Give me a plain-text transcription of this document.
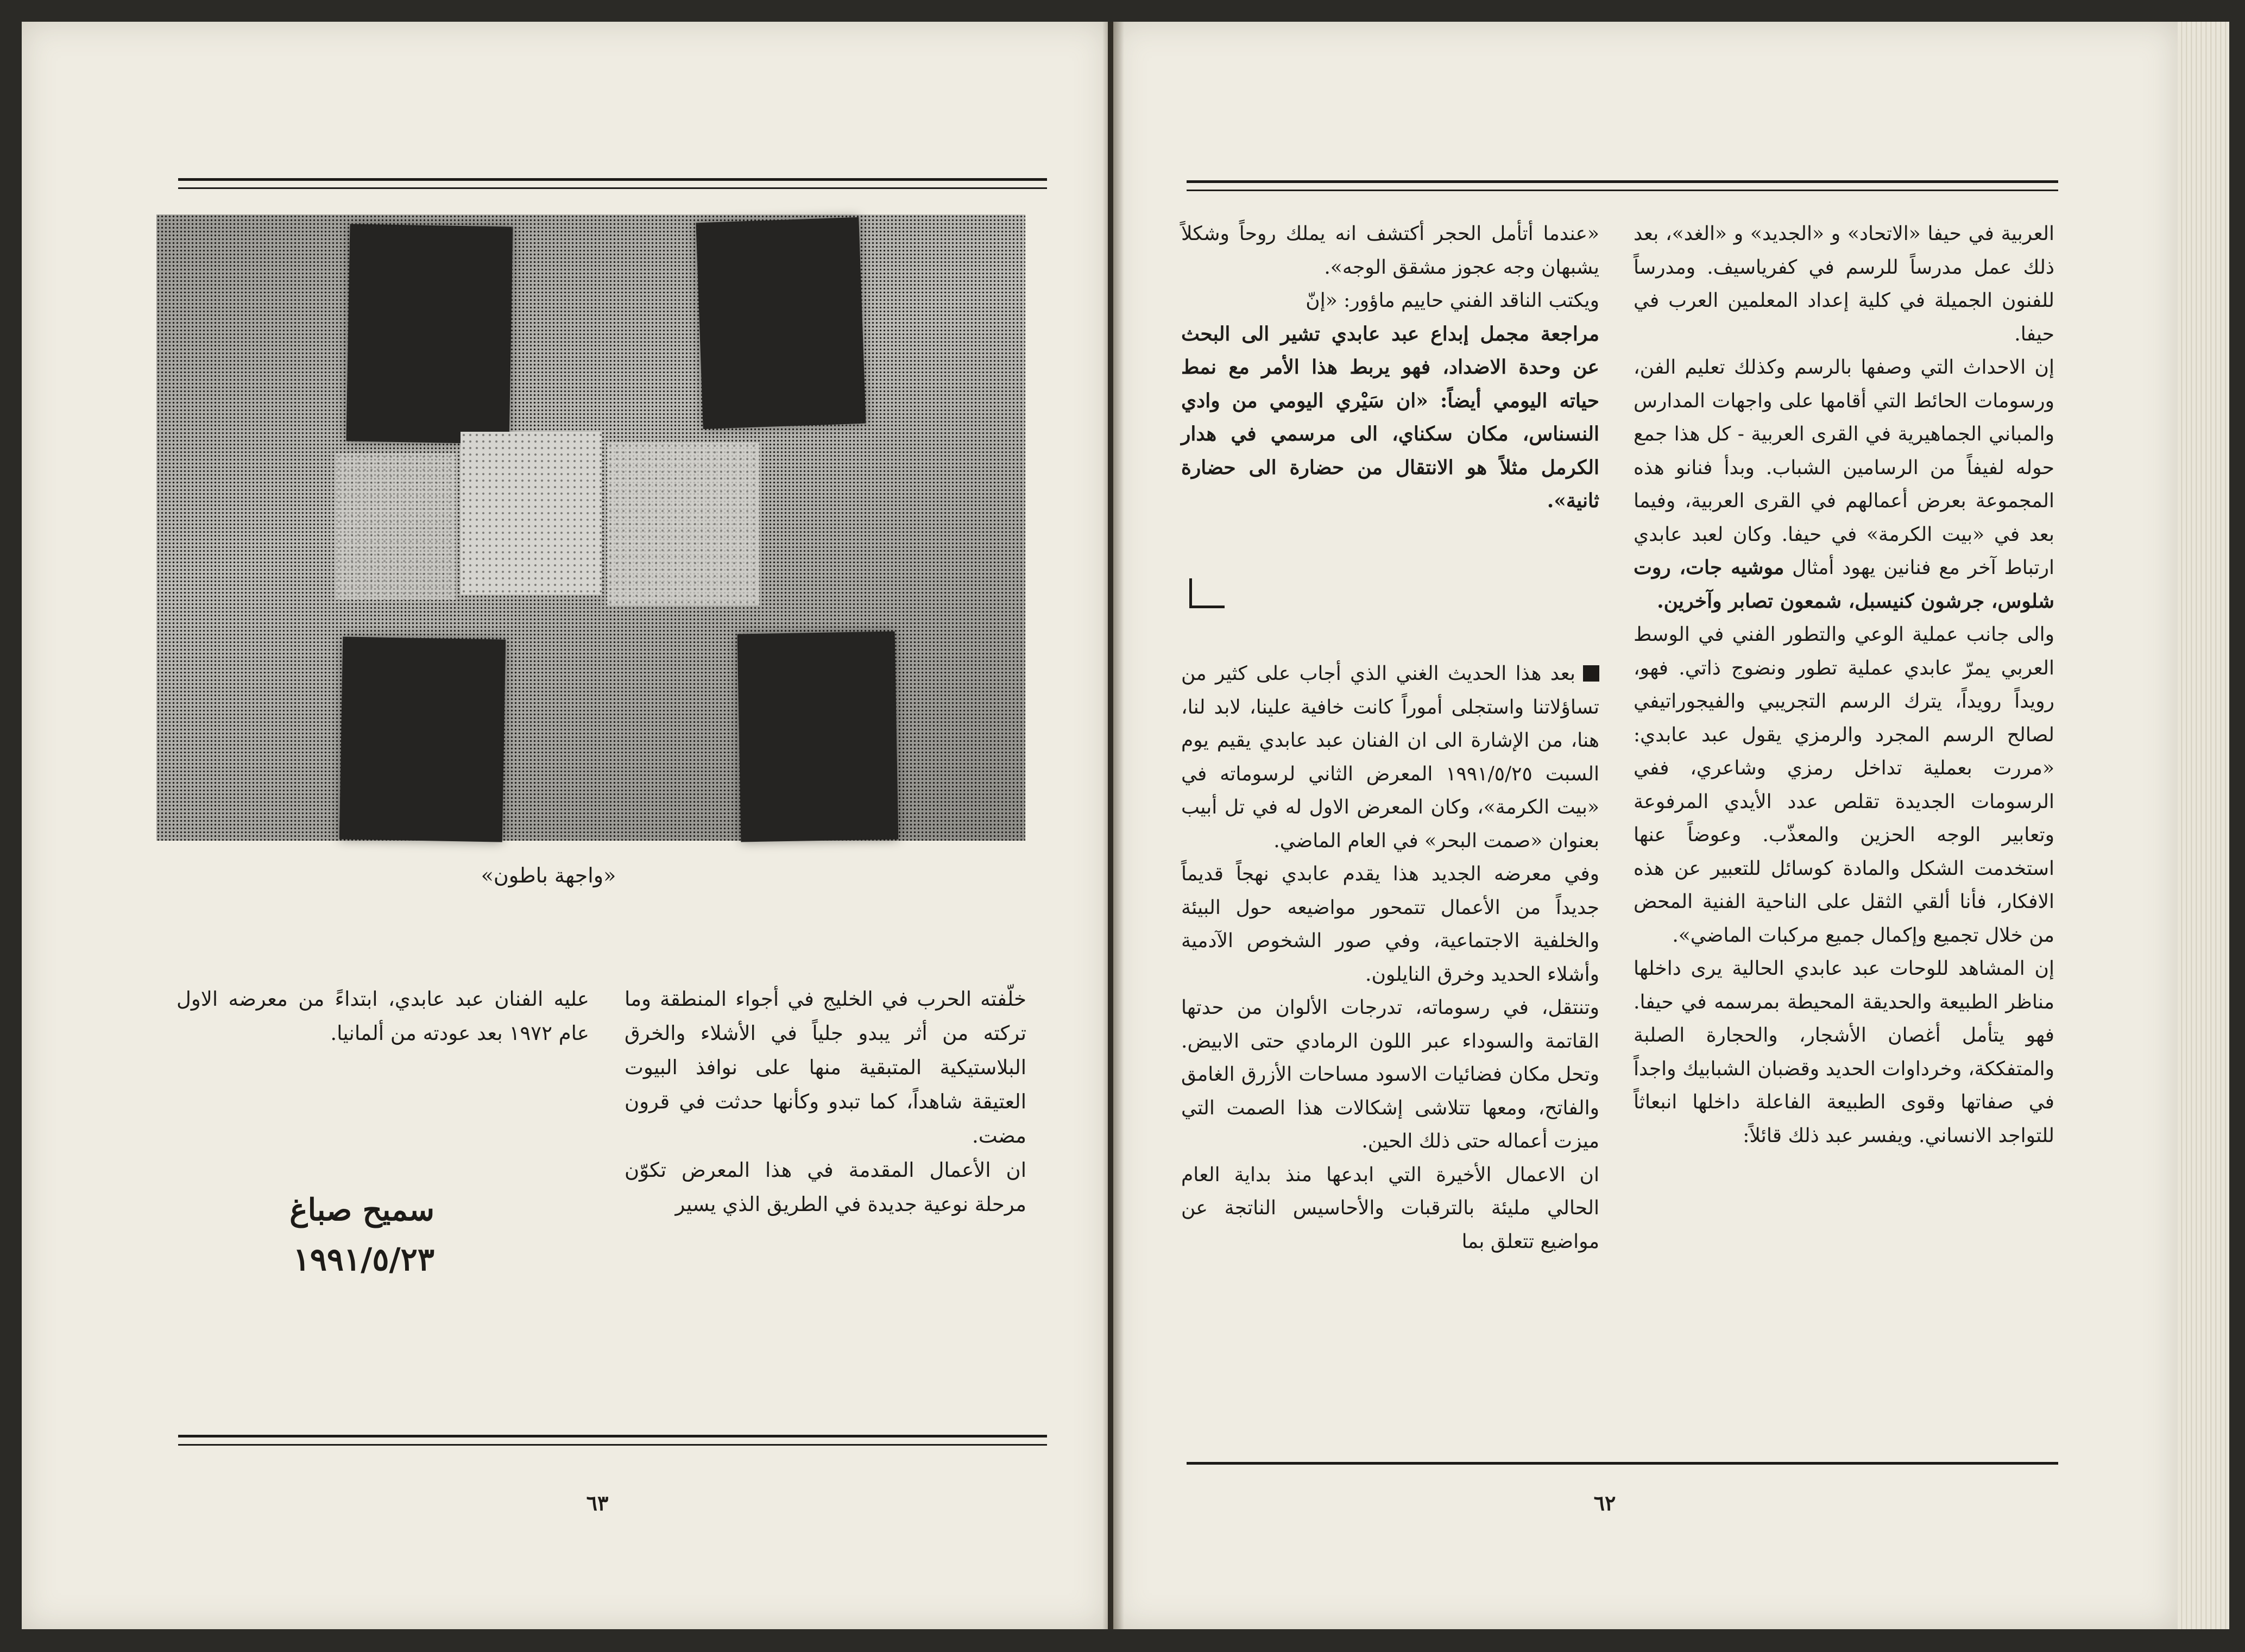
«واجهة باطون»

خلّفته الحرب في الخليج في أجواء المنطقة وما تركته من أثر يبدو جلياً في الأشلاء والخرق البلاستيكية المتبقية منها على نوافذ البيوت العتيقة شاهداً، كما تبدو وكأنها حدثت في قرون مضت.

ان الأعمال المقدمة في هذا المعرض تكوّن مرحلة نوعية جديدة في الطريق الذي يسير

عليه الفنان عبد عابدي، ابتداءً من معرضه الاول عام ١٩٧٢ بعد عودته من ألمانيا.

سميح صباغ
١٩٩١/٥/٢٣
٦٣

العربية في حيفا «الاتحاد» و «الجديد» و «الغد»، بعد ذلك عمل مدرساً للرسم في كفرياسيف. ومدرساً للفنون الجميلة في كلية إعداد المعلمين العرب في حيفا.

إن الاحداث التي وصفها بالرسم وكذلك تعليم الفن، ورسومات الحائط التي أقامها على واجهات المدارس والمباني الجماهيرية في القرى العربية - كل هذا جمع حوله لفيفاً من الرسامين الشباب. وبدأ فنانو هذه المجموعة بعرض أعمالهم في القرى العربية، وفيما بعد في «بيت الكرمة» في حيفا. وكان لعبد عابدي ارتباط آخر مع فنانين يهود أمثال موشيه جات، روت شلوس، جرشون كنيسبل، شمعون تصابر وآخرين.

والى جانب عملية الوعي والتطور الفني في الوسط العربي يمرّ عابدي عملية تطور ونضوج ذاتي. فهو، رويداً رويداً، يترك الرسم التجريبي والفيجوراتيفي لصالح الرسم المجرد والرمزي يقول عبد عابدي: «مررت بعملية تداخل رمزي وشاعري، ففي الرسومات الجديدة تقلص عدد الأيدي المرفوعة وتعابير الوجه الحزين والمعذّب. وعوضاً عنها استخدمت الشكل والمادة كوسائل للتعبير عن هذه الافكار، فأنا ألقي الثقل على الناحية الفنية المحض من خلال تجميع وإكمال جميع مركبات الماضي».

إن المشاهد للوحات عبد عابدي الحالية يرى داخلها مناظر الطبيعة والحديقة المحيطة بمرسمه في حيفا. فهو يتأمل أغصان الأشجار، والحجارة الصلبة والمتفككة، وخرداوات الحديد وقضبان الشبابيك واجداً في صفاتها وقوى الطبيعة الفاعلة داخلها انبعاثاً للتواجد الانساني. ويفسر عبد ذلك قائلاً:

«عندما أتأمل الحجر أكتشف انه يملك روحاً وشكلاً يشبهان وجه عجوز مشقق الوجه».

ويكتب الناقد الفني حاييم ماؤور: «إنّ

مراجعة مجمل إبداع عبد عابدي تشير الى البحث عن وحدة الاضداد، فهو يربط هذا الأمر مع نمط حياته اليومي أيضاً: «ان سَيْري اليومي من وادي النسناس، مكان سكناي، الى مرسمي في هدار الكرمل مثلاً هو الانتقال من حضارة الى حضارة ثانية».

بعد هذا الحديث الغني الذي أجاب على كثير من تساؤلاتنا واستجلى أموراً كانت خافية علينا، لابد لنا، هنا، من الإشارة الى ان الفنان عبد عابدي يقيم يوم السبت ١٩٩١/٥/٢٥ المعرض الثاني لرسوماته في «بيت الكرمة»، وكان المعرض الاول له في تل أبيب بعنوان «صمت البحر» في العام الماضي.

وفي معرضه الجديد هذا يقدم عابدي نهجاً قديماً جديداً من الأعمال تتمحور مواضيعه حول البيئة والخلفية الاجتماعية، وفي صور الشخوص الآدمية وأشلاء الحديد وخرق النايلون.

وتنتقل، في رسوماته، تدرجات الألوان من حدتها القاتمة والسوداء عبر اللون الرمادي حتى الابيض. وتحل مكان فضائيات الاسود مساحات الأزرق الغامق والفاتح، ومعها تتلاشى إشكالات هذا الصمت التي ميزت أعماله حتى ذلك الحين.

ان الاعمال الأخيرة التي ابدعها منذ بداية العام الحالي مليئة بالترقبات والأحاسيس الناتجة عن مواضيع تتعلق بما

٦٢
